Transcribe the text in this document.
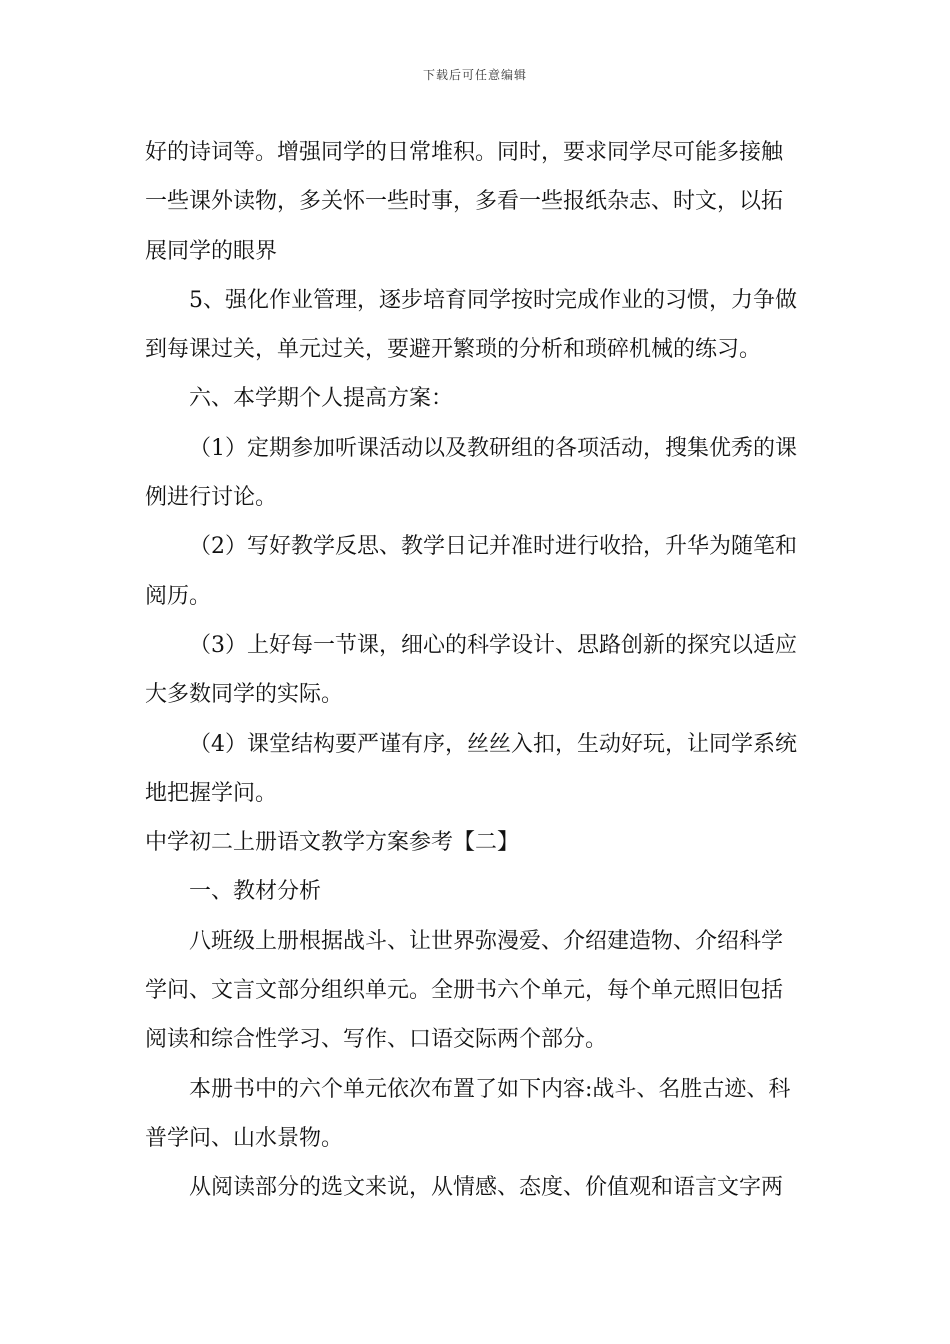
下载后可任意编辑
好的诗词等。增强同学的日常堆积。同时，要求同学尽可能多接触
一些课外读物，多关怀一些时事，多看一些报纸杂志、时文，以拓
展同学的眼界
5、强化作业管理，逐步培育同学按时完成作业的习惯，力争做
到每课过关，单元过关，要避开繁琐的分析和琐碎机械的练习。
六、本学期个人提高方案：
（1）定期参加听课活动以及教研组的各项活动，搜集优秀的课
例进行讨论。
（2）写好教学反思、教学日记并准时进行收拾，升华为随笔和
阅历。
（3）上好每一节课，细心的科学设计、思路创新的探究以适应
大多数同学的实际。
（4）课堂结构要严谨有序，丝丝入扣，生动好玩，让同学系统
地把握学问。
中学初二上册语文教学方案参考【二】
一、教材分析
八班级上册根据战斗、让世界弥漫爱、介绍建造物、介绍科学
学问、文言文部分组织单元。全册书六个单元，每个单元照旧包括
阅读和综合性学习、写作、口语交际两个部分。
本册书中的六个单元依次布置了如下内容:战斗、名胜古迹、科
普学问、山水景物。
从阅读部分的选文来说，从情感、态度、价值观和语言文字两
